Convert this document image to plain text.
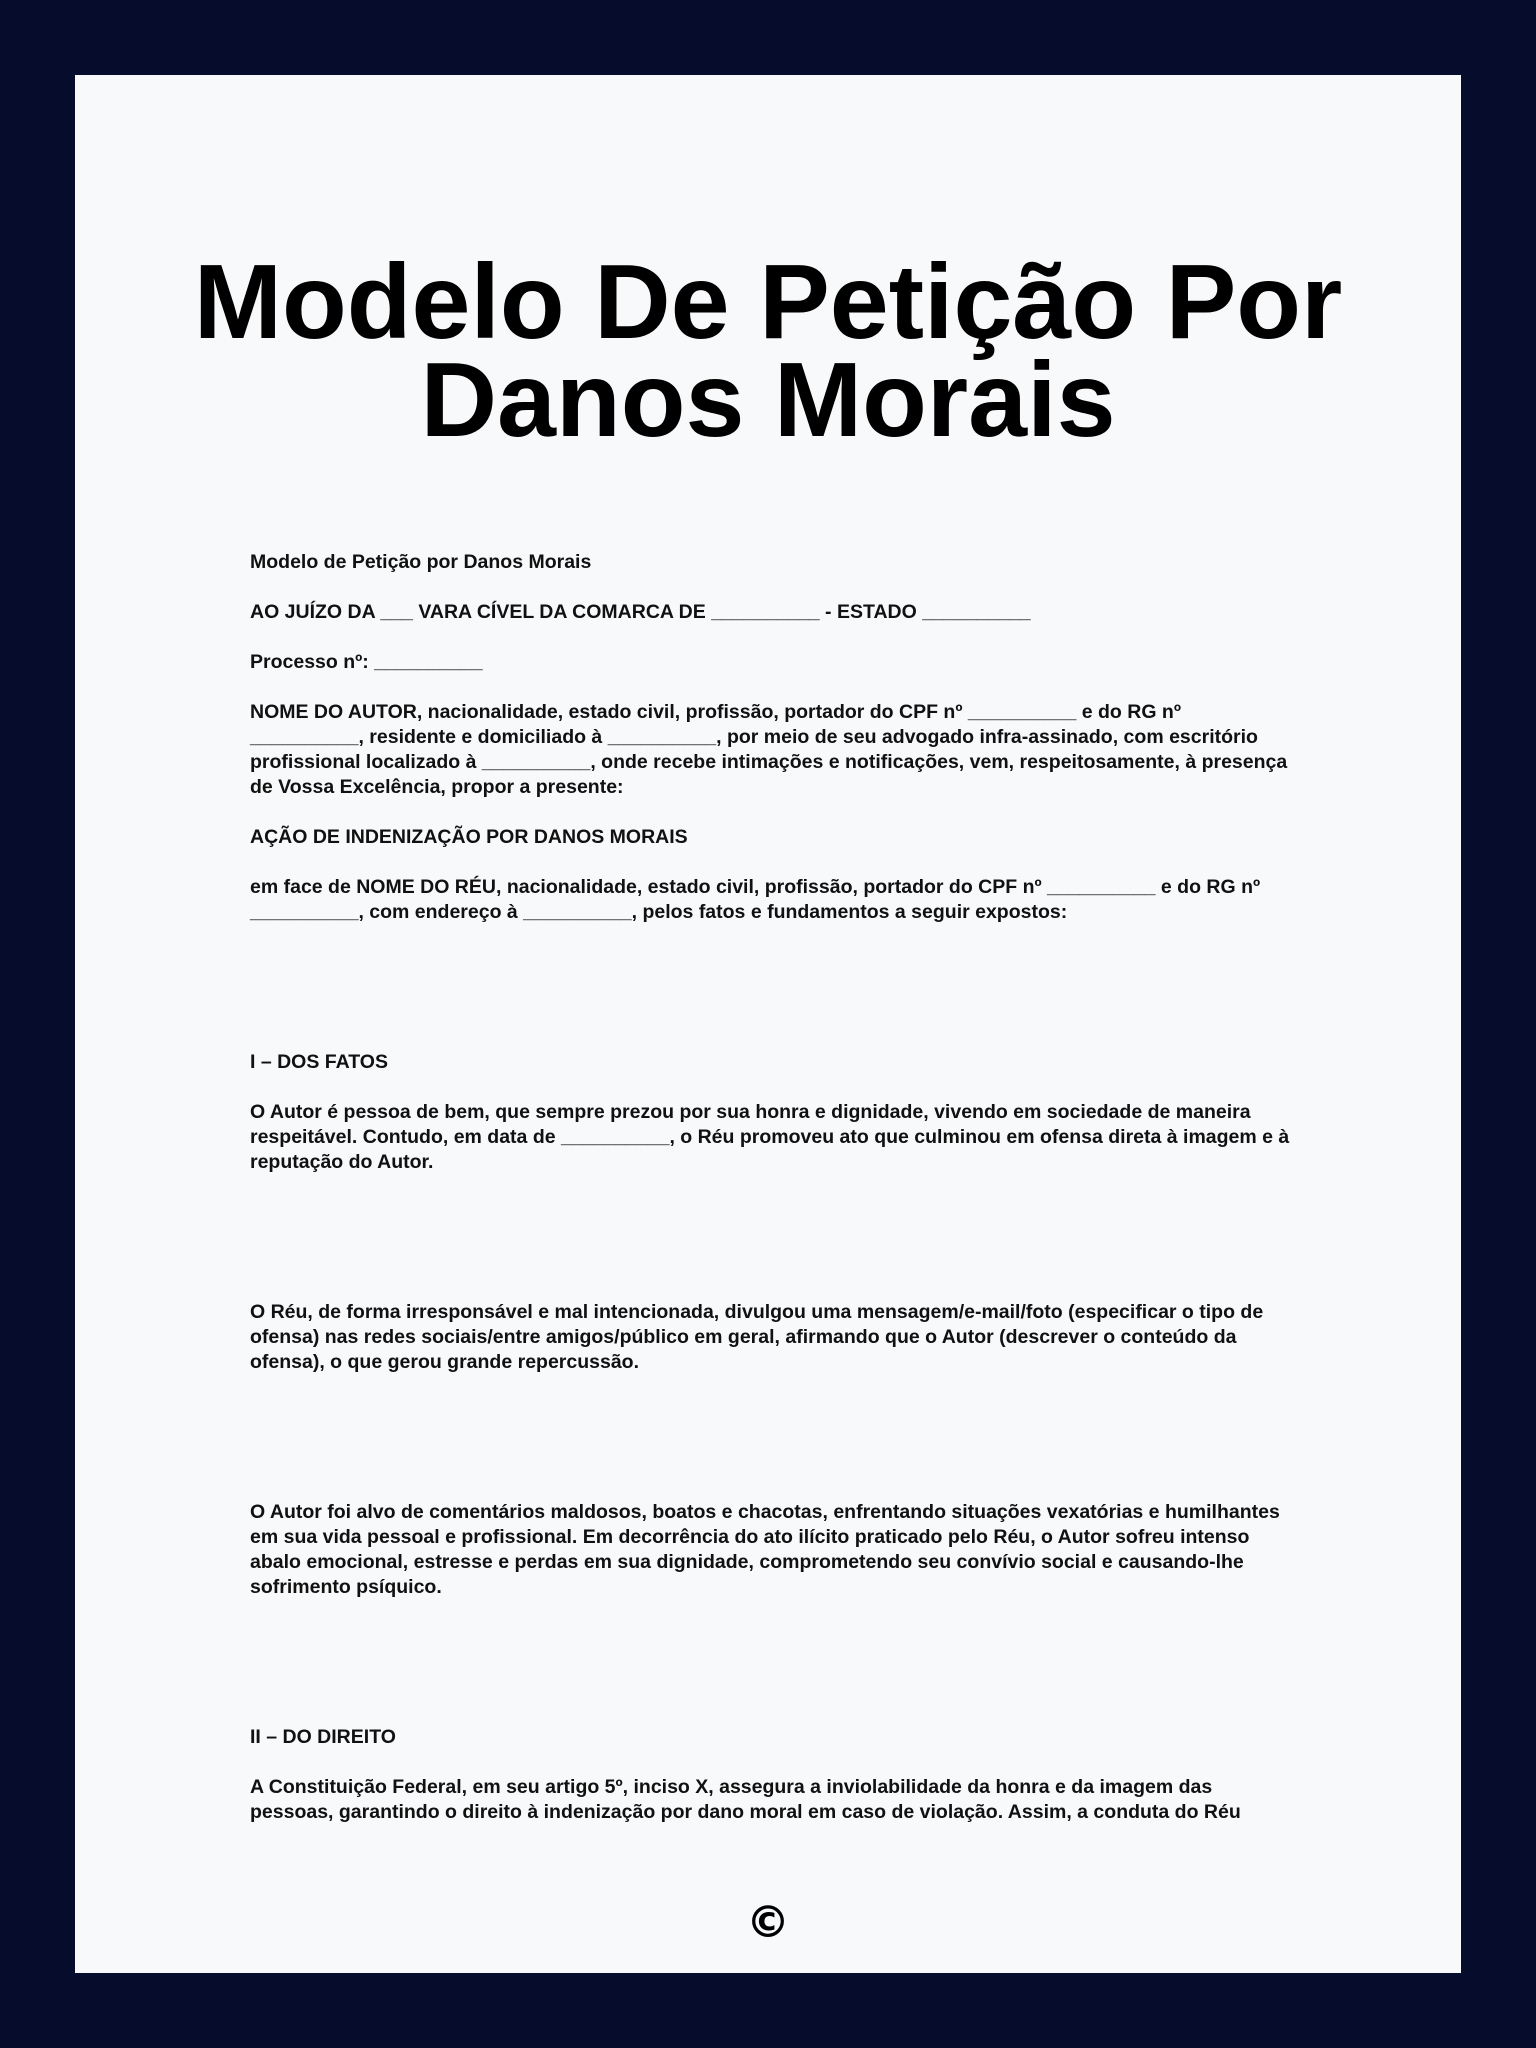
Modelo De Petição Por
Danos Morais

Modelo de Petição por Danos Morais

AO JUÍZO DA ___ VARA CÍVEL DA COMARCA DE __________ - ESTADO __________

Processo nº: __________

NOME DO AUTOR, nacionalidade, estado civil, profissão, portador do CPF nº __________ e do RG nº __________, residente e domiciliado à __________, por meio de seu advogado infra-assinado, com escritório profissional localizado à __________, onde recebe intimações e notificações, vem, respeitosamente, à presença de Vossa Excelência, propor a presente:

AÇÃO DE INDENIZAÇÃO POR DANOS MORAIS

em face de NOME DO RÉU, nacionalidade, estado civil, profissão, portador do CPF nº __________ e do RG nº __________, com endereço à __________, pelos fatos e fundamentos a seguir expostos:

I – DOS FATOS

O Autor é pessoa de bem, que sempre prezou por sua honra e dignidade, vivendo em sociedade de maneira respeitável. Contudo, em data de __________, o Réu promoveu ato que culminou em ofensa direta à imagem e à reputação do Autor.

O Réu, de forma irresponsável e mal intencionada, divulgou uma mensagem/e-mail/foto (especificar o tipo de ofensa) nas redes sociais/entre amigos/público em geral, afirmando que o Autor (descrever o conteúdo da ofensa), o que gerou grande repercussão.

O Autor foi alvo de comentários maldosos, boatos e chacotas, enfrentando situações vexatórias e humilhantes em sua vida pessoal e profissional. Em decorrência do ato ilícito praticado pelo Réu, o Autor sofreu intenso abalo emocional, estresse e perdas em sua dignidade, comprometendo seu convívio social e causando-lhe sofrimento psíquico.

II – DO DIREITO

A Constituição Federal, em seu artigo 5º, inciso X, assegura a inviolabilidade da honra e da imagem das pessoas, garantindo o direito à indenização por dano moral em caso de violação. Assim, a conduta do Réu

©
